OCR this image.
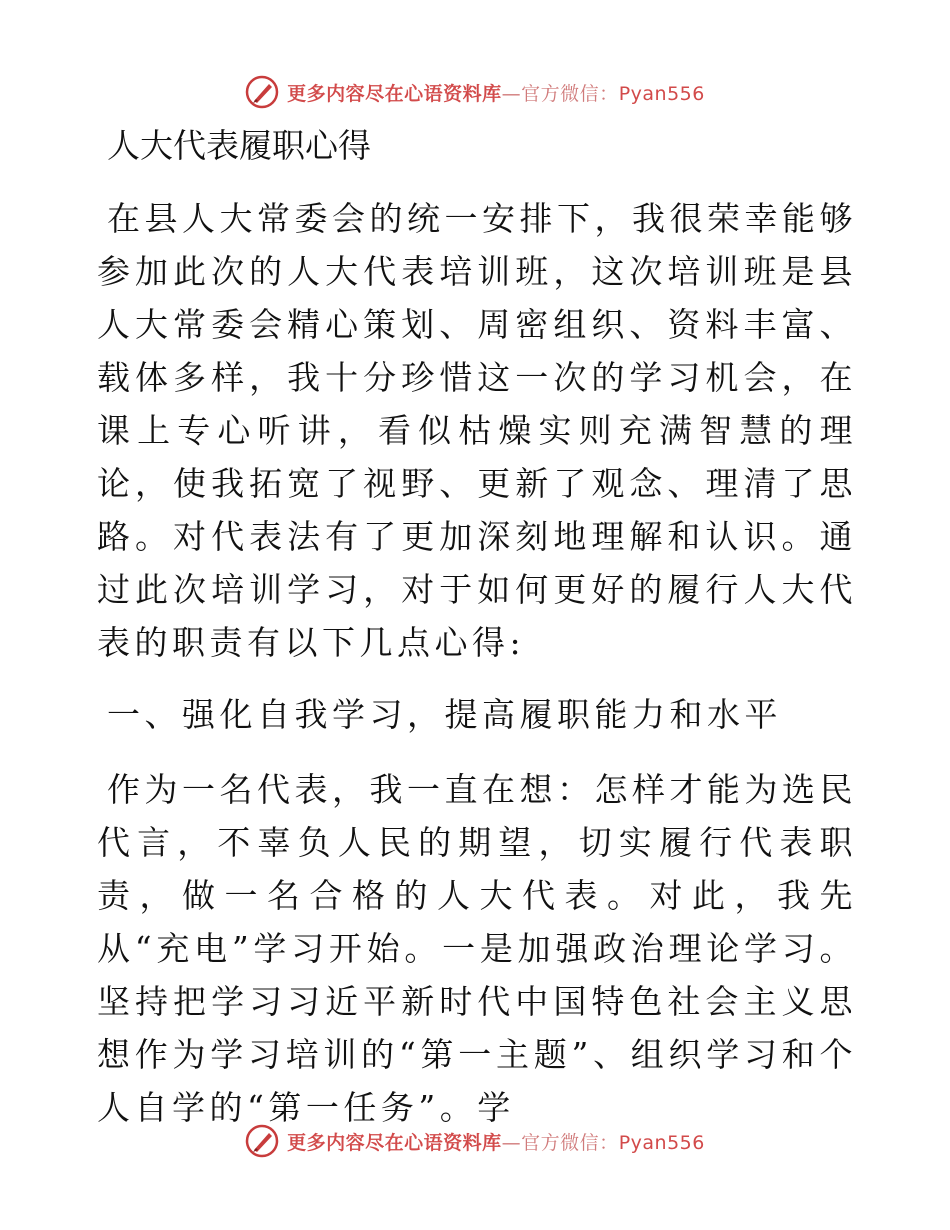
更多内容尽在心语资料库—官方微信：Pyan556
人大代表履职心得

在县人大常委会的统一安排下，我很荣幸能够参加此次的人大代表培训班，这次培训班是县人大常委会精心策划、周密组织、资料丰富、载体多样，我十分珍惜这一次的学习机会，在课上专心听讲，看似枯燥实则充满智慧的理论，使我拓宽了视野、更新了观念、理清了思路。对代表法有了更加深刻地理解和认识。通过此次培训学习，对于如何更好的履行人大代表的职责有以下几点心得:

一、强化自我学习，提高履职能力和水平

作为一名代表，我一直在想：怎样才能为选民代言，不辜负人民的期望，切实履行代表职责，做一名合格的人大代表。对此，我先从“充电”学习开始。一是加强政治理论学习。坚持把学习习近平新时代中国特色社会主义思想作为学习培训的“第一主题”、组织学习和个人自学的“第一任务”。学

更多内容尽在心语资料库—官方微信：Pyan556
